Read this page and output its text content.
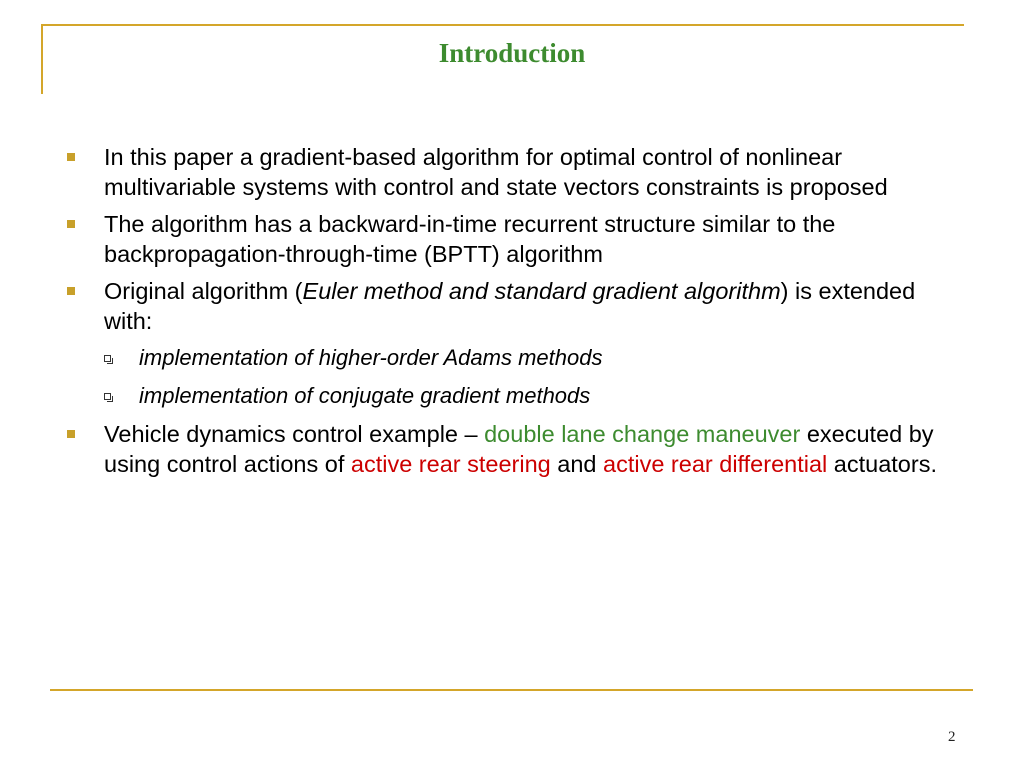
Introduction
In this paper a gradient-based algorithm for optimal control of nonlinear multivariable systems with control and state vectors constraints is proposed
The algorithm has a backward-in-time recurrent structure similar to the backpropagation-through-time (BPTT) algorithm
Original algorithm (Euler method and standard gradient algorithm) is extended with:
implementation of higher-order Adams methods
implementation of conjugate gradient methods
Vehicle dynamics control example – double lane change maneuver executed by using control actions of active rear steering and active rear differential actuators.
2
